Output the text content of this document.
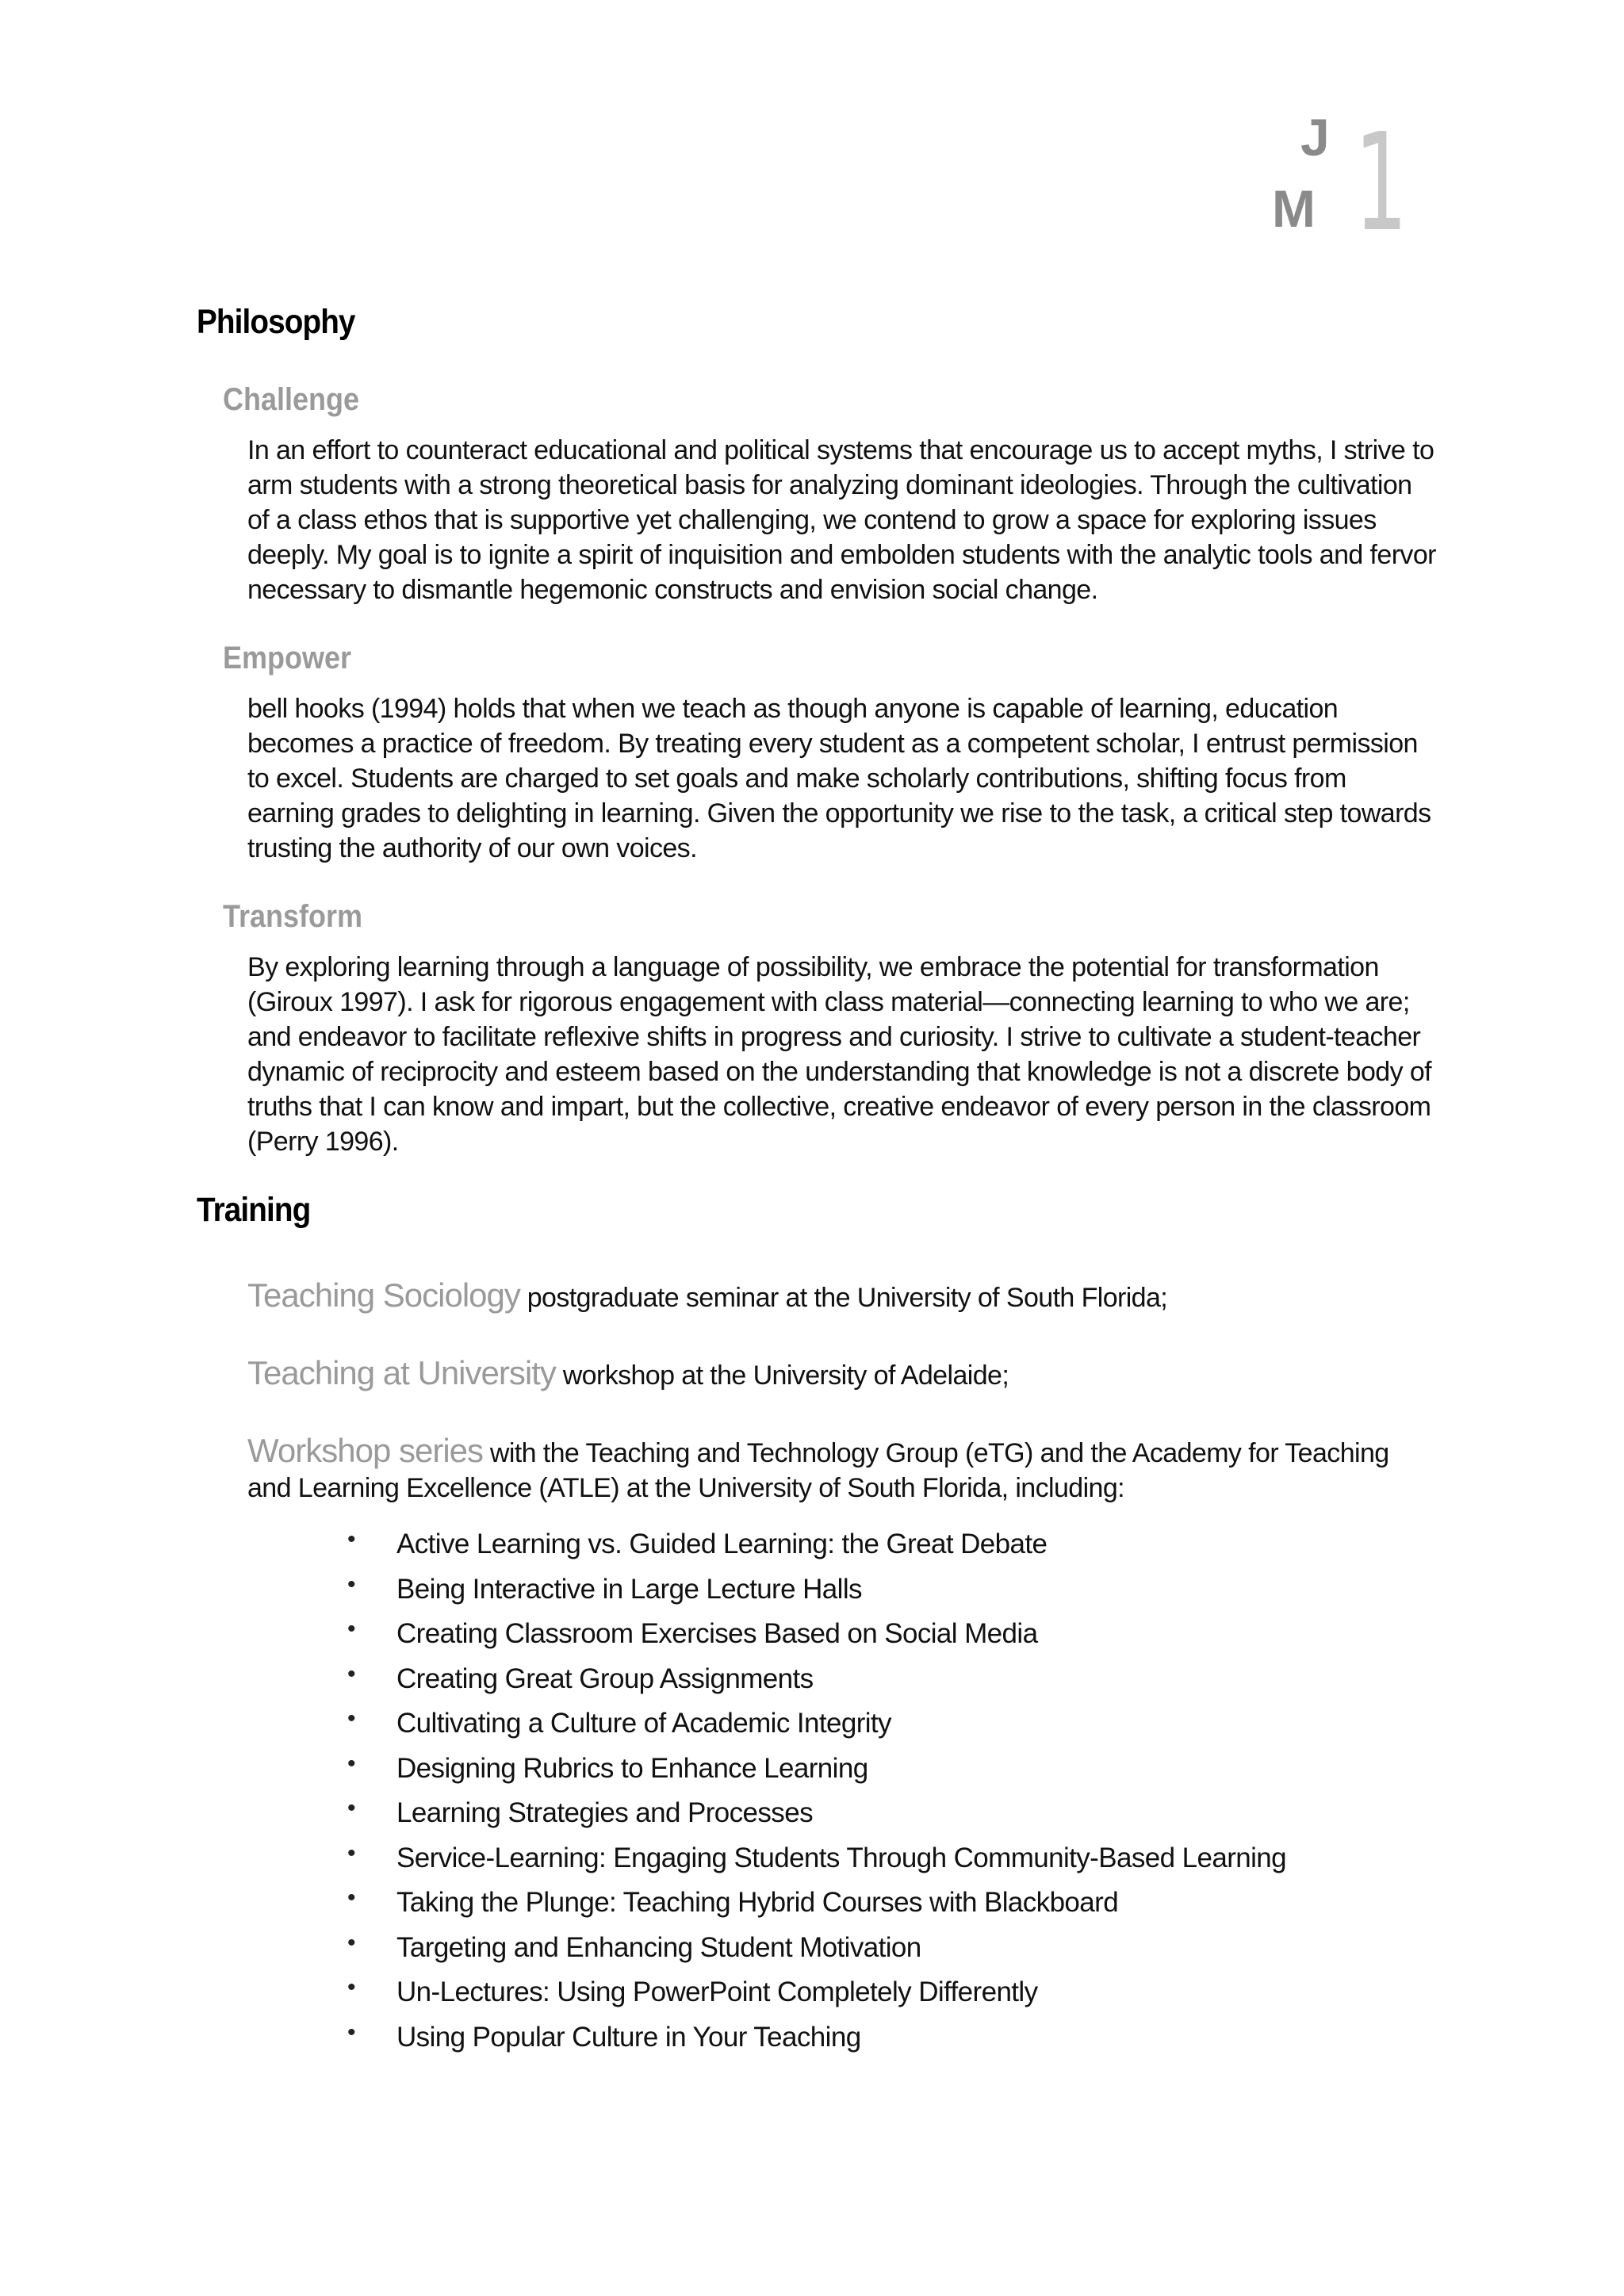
J
M 1
Philosophy
Challenge

In an effort to counteract educational and political systems that encourage us to accept myths, I strive to arm students with a strong theoretical basis for analyzing dominant ideologies. Through the cultivation of a class ethos that is supportive yet challenging, we contend to grow a space for exploring issues deeply. My goal is to ignite a spirit of inquisition and embolden students with the analytic tools and fervor necessary to dismantle hegemonic constructs and envision social change.

Empower

bell hooks (1994) holds that when we teach as though anyone is capable of learning, education becomes a practice of freedom. By treating every student as a competent scholar, I entrust permission to excel. Students are charged to set goals and make scholarly contributions, shifting focus from earning grades to delighting in learning. Given the opportunity we rise to the task, a critical step towards trusting the authority of our own voices.

Transform

By exploring learning through a language of possibility, we embrace the potential for transformation (Giroux 1997). I ask for rigorous engagement with class material—connecting learning to who we are; and endeavor to facilitate reflexive shifts in progress and curiosity. I strive to cultivate a student-teacher dynamic of reciprocity and esteem based on the understanding that knowledge is not a discrete body of truths that I can know and impart, but the collective, creative endeavor of every person in the classroom (Perry 1996).

Training

Teaching Sociology postgraduate seminar at the University of South Florida;

Teaching at University workshop at the University of Adelaide;

Workshop series with the Teaching and Technology Group (eTG) and the Academy for Teaching and Learning Excellence (ATLE) at the University of South Florida, including:

•	Active Learning vs. Guided Learning: the Great Debate
•	Being Interactive in Large Lecture Halls
•	Creating Classroom Exercises Based on Social Media
•	Creating Great Group Assignments
•	Cultivating a Culture of Academic Integrity
•	Designing Rubrics to Enhance Learning
•	Learning Strategies and Processes
•	Service-Learning: Engaging Students Through Community-Based Learning
•	Taking the Plunge: Teaching Hybrid Courses with Blackboard
•	Targeting and Enhancing Student Motivation
•	Un-Lectures: Using PowerPoint Completely Differently
•	Using Popular Culture in Your Teaching
